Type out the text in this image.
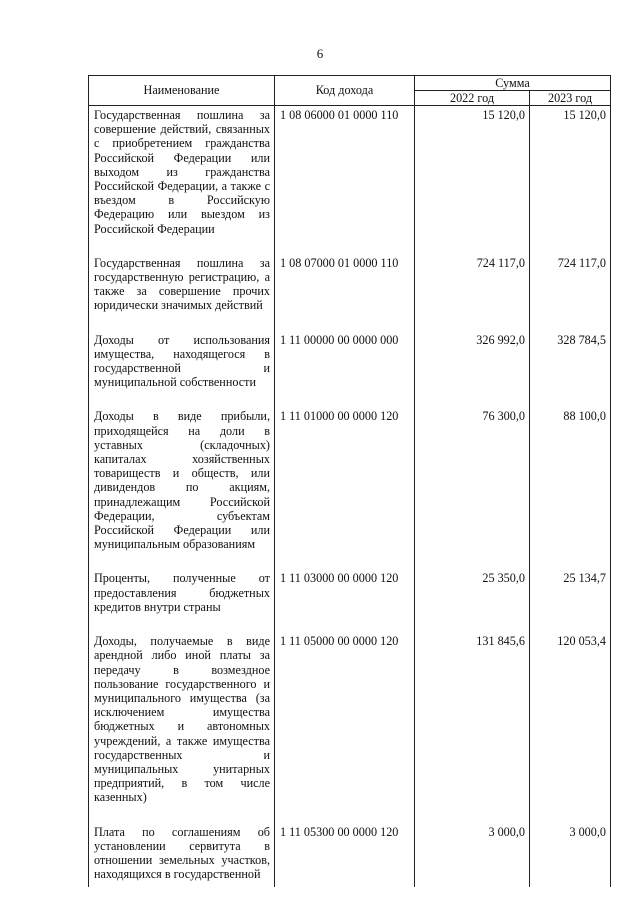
6
Наименование	Код дохода	Сумма	
		2022 год	2023 год
Государственная пошлина за совершение действий, связанных с приобретением гражданства Российской Федерации или выходом из гражданства Российской Федерации, а также с въездом в Российскую Федерацию или выездом из Российской Федерации	1 08 06000 01 0000 110	15 120,0	15 120,0
Государственная пошлина за государственную регистрацию, а также за совершение прочих юридически значимых действий	1 08 07000 01 0000 110	724 117,0	724 117,0
Доходы от использования имущества, находящегося в государственной и муниципальной собственности	1 11 00000 00 0000 000	326 992,0	328 784,5
Доходы в виде прибыли, приходящейся на доли в уставных (складочных) капиталах хозяйственных товариществ и обществ, или дивидендов по акциям, принадлежащим Российской Федерации, субъектам Российской Федерации или муниципальным образованиям	1 11 01000 00 0000 120	76 300,0	88 100,0
Проценты, полученные от предоставления бюджетных кредитов внутри страны	1 11 03000 00 0000 120	25 350,0	25 134,7
Доходы, получаемые в виде арендной либо иной платы за передачу в возмездное пользование государственного и муниципального имущества (за исключением имущества бюджетных и автономных учреждений, а также имущества государственных и муниципальных унитарных предприятий, в том числе казенных)	1 11 05000 00 0000 120	131 845,6	120 053,4
Плата по соглашениям об установлении сервитута в отношении земельных участков, находящихся в государственной	1 11 05300 00 0000 120	3 000,0	3 000,0
